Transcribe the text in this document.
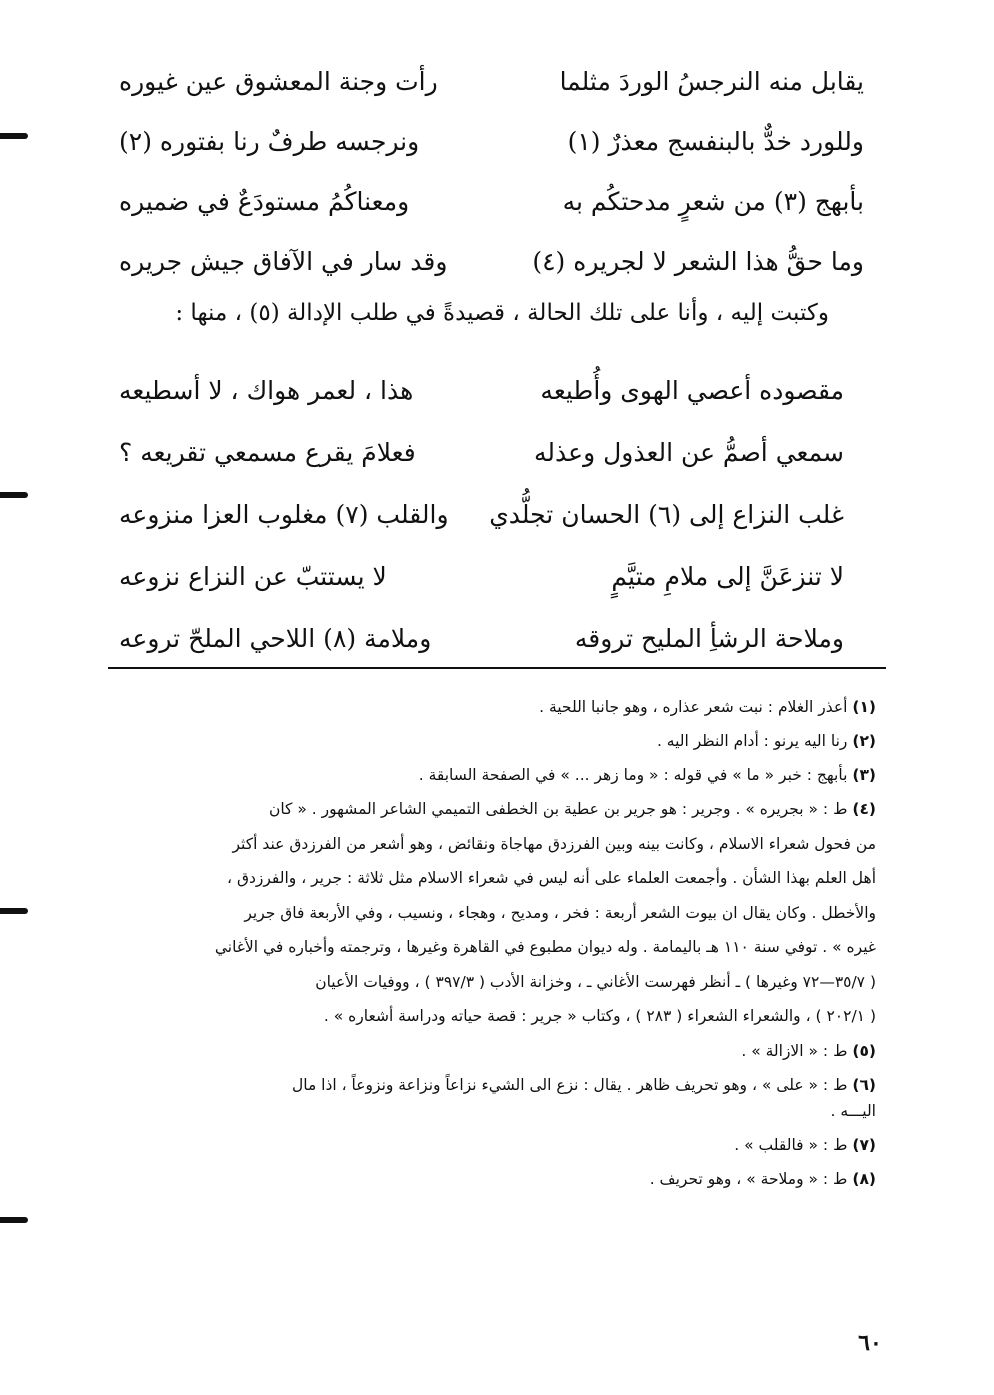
يقابل منه النرجسُ الوردَ مثلما
رأت وجنة المعشوق عين غيوره
وللورد خدٌّ بالبنفسج معذرٌ (١)
ونرجسه طرفٌ رنا بفتوره (٢)
بأبهج (٣) من شعرٍ مدحتكُم به
ومعناكُمُ مستودَعٌ في ضميره
وما حقُّ هذا الشعر لا لجريره (٤)
وقد سار في الآفاق جيش جريره
وكتبت إليه ، وأنا على تلك الحالة ، قصيدةً في طلب الإدالة (٥) ، منها :
مقصوده أعصي الهوى وأُطيعه
هذا ، لعمر هواك ، لا أسطيعه
سمعي أصمُّ عن العذول وعذله
فعلامَ يقرع مسمعي تقريعه ؟
غلب النزاع إلى (٦) الحسان تجلُّدي
والقلب (٧) مغلوب العزا منزوعه
لا تنزعَنَّ إلى ملامِ متيَّمٍ
لا يستتبّ عن النزاع نزوعه
وملاحة الرشأِ المليح تروقه
وملامة (٨) اللاحي الملحّ تروعه

(١) أعذر الغلام : نبت شعر عذاره ، وهو جانبا اللحية .

(٢) رنا اليه يرنو : أدام النظر اليه .

(٣) بأبهج : خبر « ما » في قوله : « وما زهر ... » في الصفحة السابقة .

(٤) ط : « بجريره » . وجرير : هو جرير بن عطية بن الخطفى التميمي الشاعر المشهور . « كان
من فحول شعراء الاسلام ، وكانت بينه وبين الفرزدق مهاجاة ونقائض ، وهو أشعر من الفرزدق عند أكثر
أهل العلم بهذا الشأن . وأجمعت العلماء على أنه ليس في شعراء الاسلام مثل ثلاثة : جرير ، والفرزدق ،
والأخطل . وكان يقال ان بيوت الشعر أربعة : فخر ، ومديح ، وهجاء ، ونسيب ، وفي الأربعة فاق جرير
غيره » . توفي سنة ١١٠ هـ باليمامة . وله ديوان مطبوع في القاهرة وغيرها ، وترجمته وأخباره في الأغاني
( ٣٥/٧—٧٢ وغيرها ) ـ أنظر فهرست الأغاني ـ ، وخزانة الأدب ( ٣٩٧/٣ ) ، ووفيات الأعيان
( ٢٠٢/١ ) ، والشعراء الشعراء ( ٢٨٣ ) ، وكتاب « جرير : قصة حياته ودراسة أشعاره » .

(٥) ط : « الازالة » .

(٦) ط : « على » ، وهو تحريف ظاهر . يقال : نزع الى الشيء نزاعاً ونزاعة ونزوعاً ، اذا مال
اليـــه .

(٧) ط : « فالقلب » .

(٨) ط : « وملاحة » ، وهو تحريف .

٦٠
